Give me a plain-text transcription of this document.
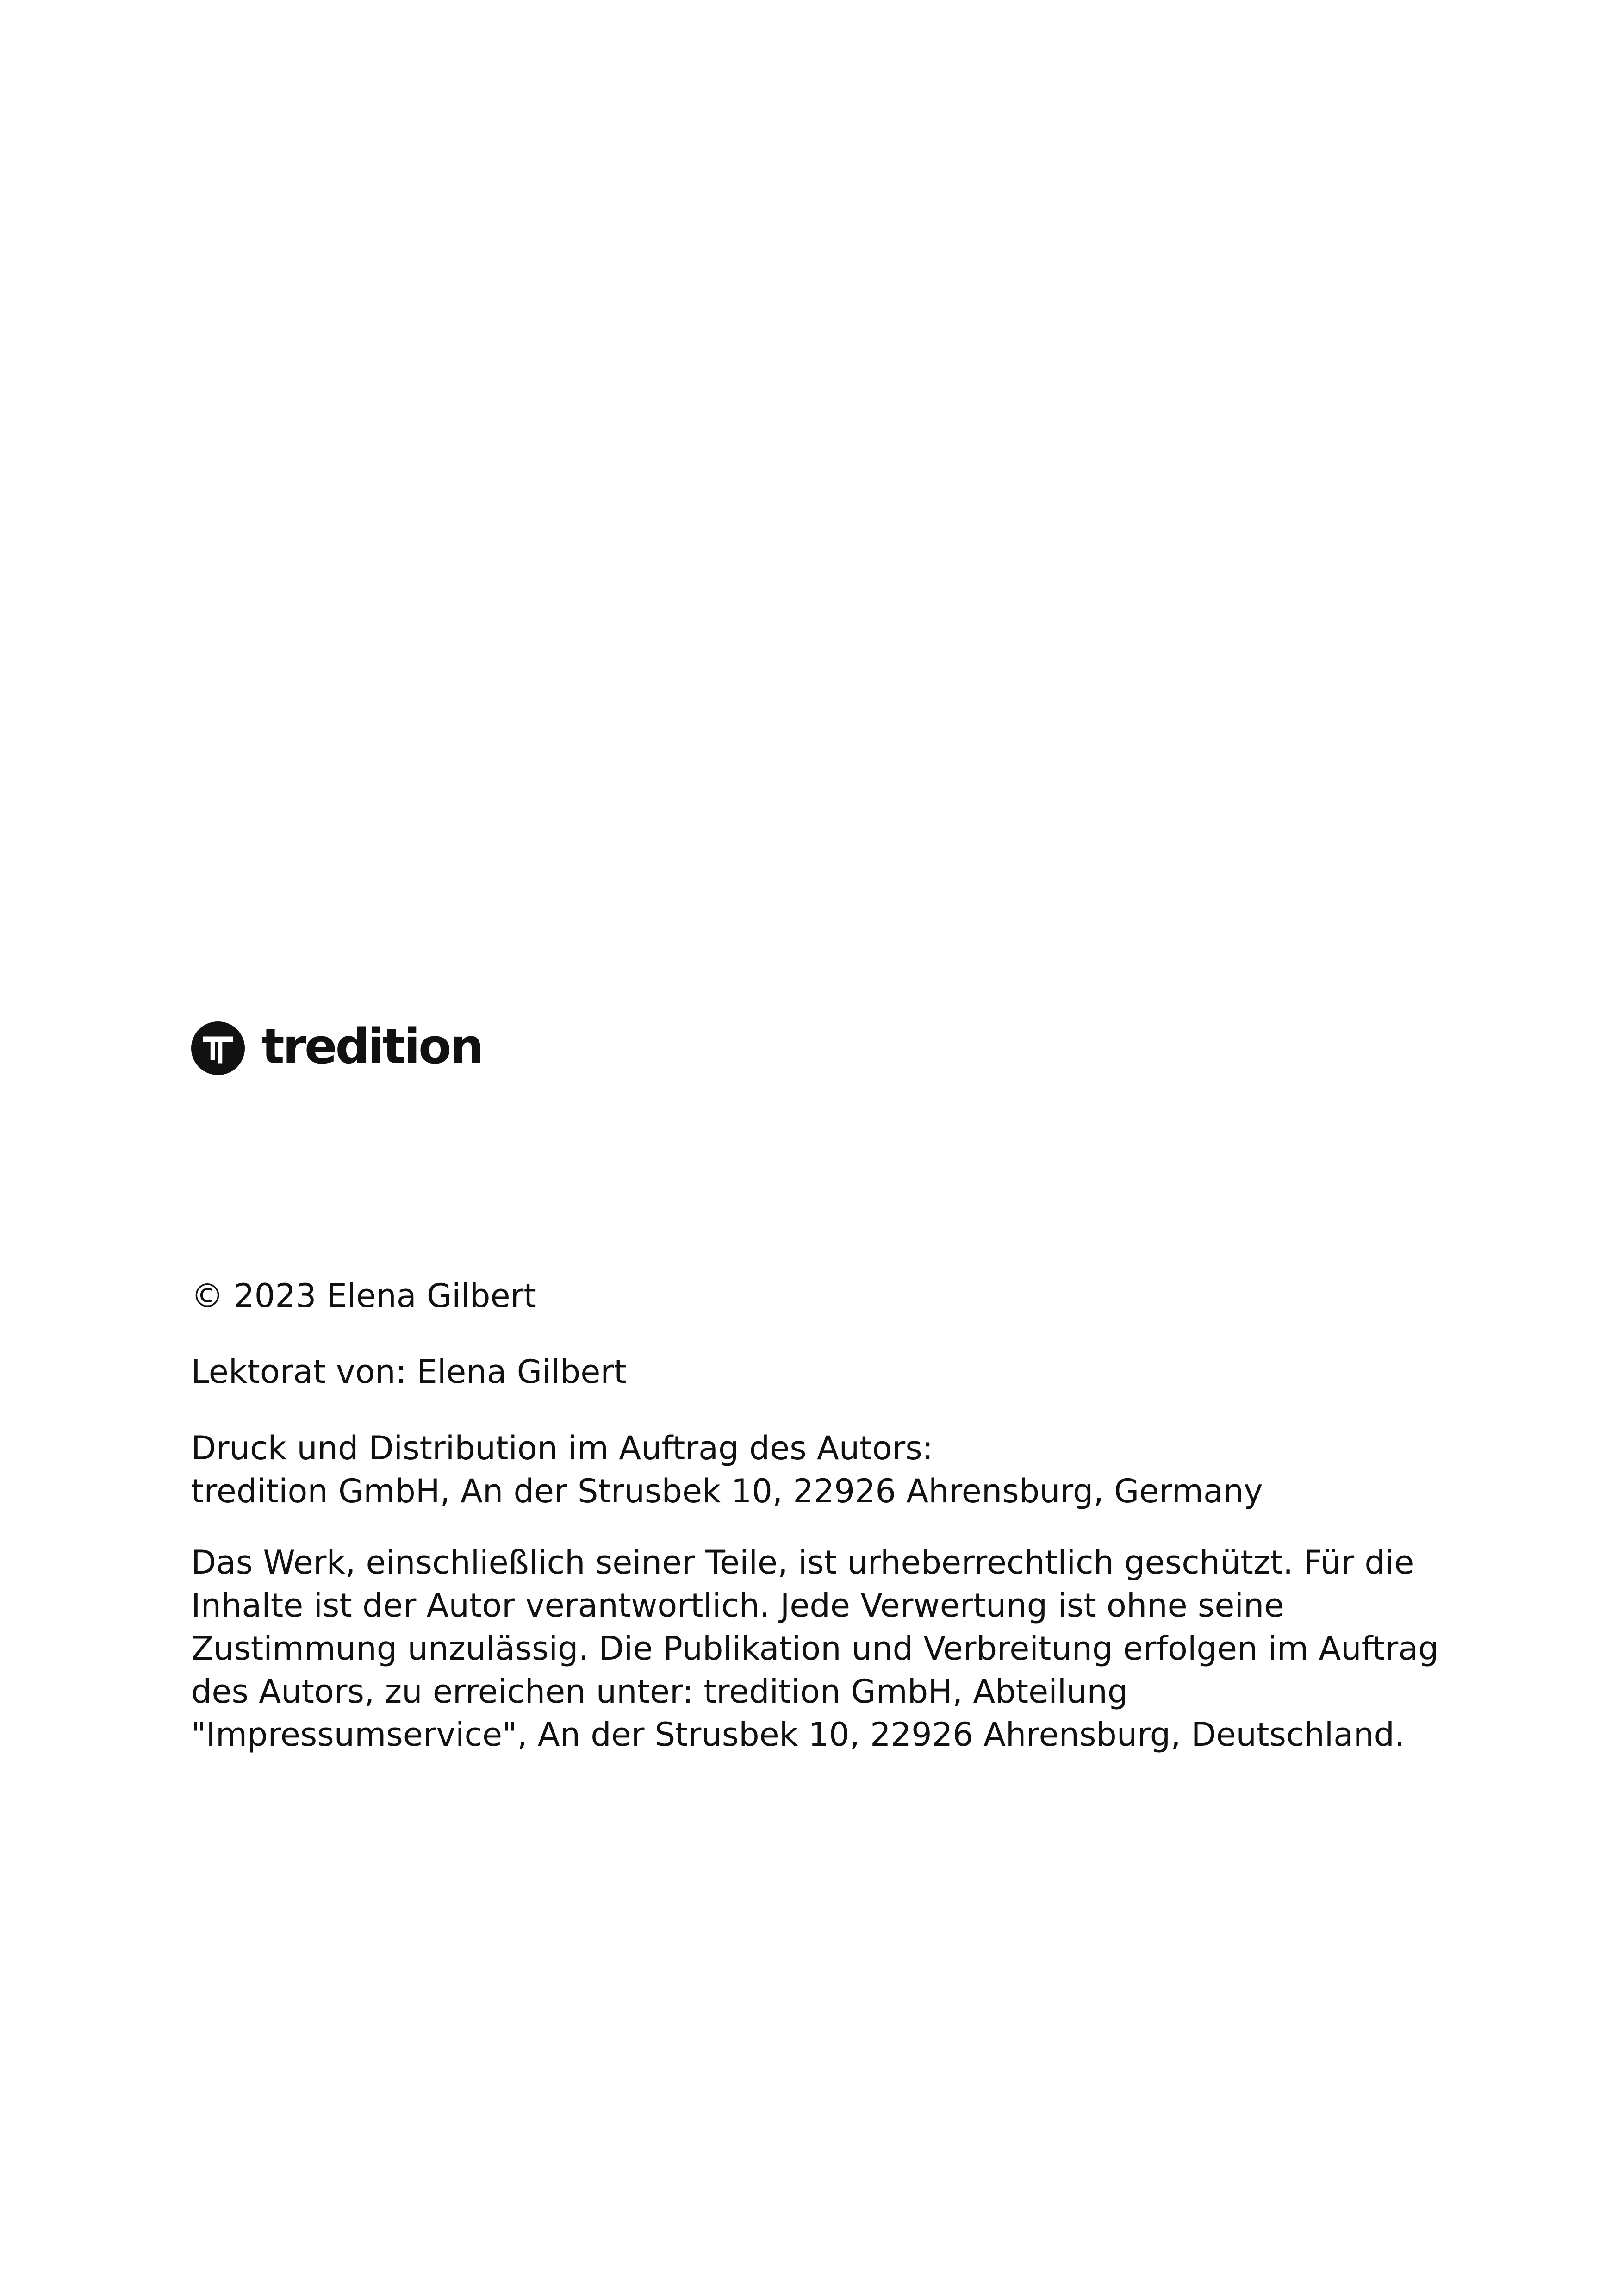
tredition

© 2023 Elena Gilbert

Lektorat von: Elena Gilbert

Druck und Distribution im Auftrag des Autors:
tredition GmbH, An der Strusbek 10, 22926 Ahrensburg, Germany

Das Werk, einschließlich seiner Teile, ist urheberrechtlich geschützt. Für die
Inhalte ist der Autor verantwortlich. Jede Verwertung ist ohne seine
Zustimmung unzulässig. Die Publikation und Verbreitung erfolgen im Auftrag
des Autors, zu erreichen unter: tredition GmbH, Abteilung
"Impressumservice", An der Strusbek 10, 22926 Ahrensburg, Deutschland.
